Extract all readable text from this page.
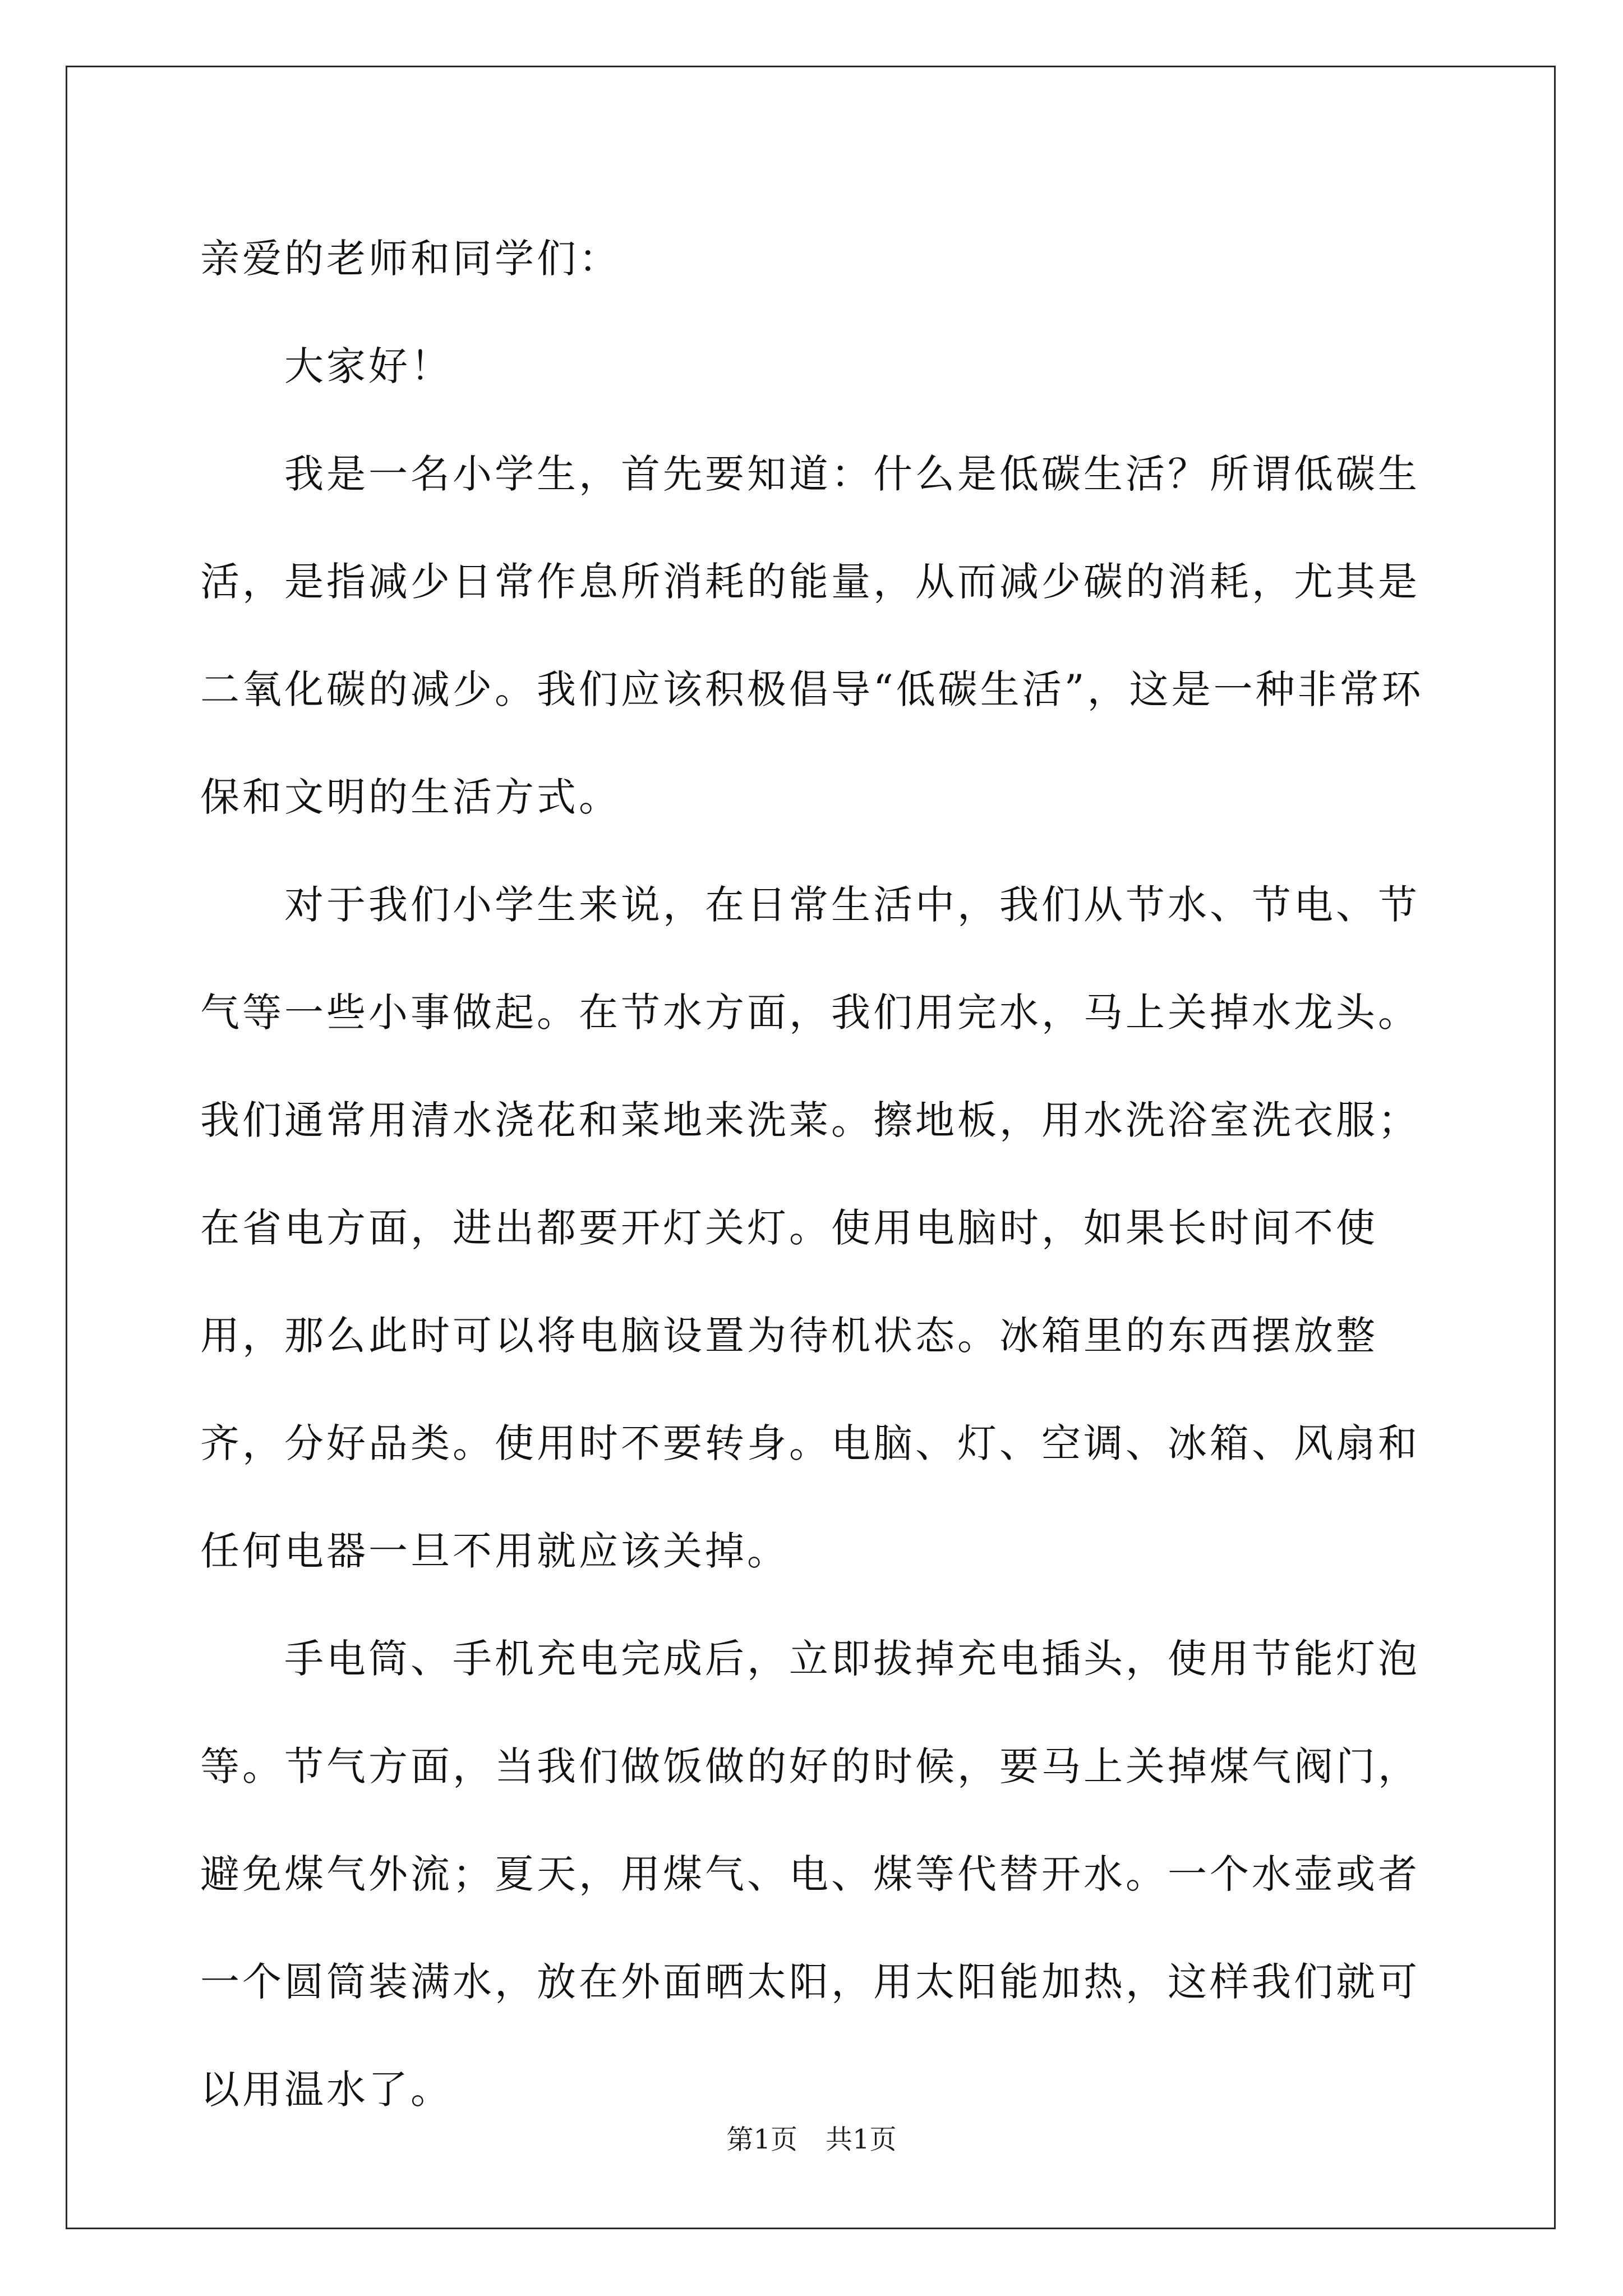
亲爱的老师和同学们：

大家好！

我是一名小学生，首先要知道：什么是低碳生活？所谓低碳生活，是指减少日常作息所消耗的能量，从而减少碳的消耗，尤其是二氧化碳的减少。我们应该积极倡导“低碳生活”，这是一种非常环保和文明的生活方式。

对于我们小学生来说，在日常生活中，我们从节水、节电、节气等一些小事做起。在节水方面，我们用完水，马上关掉水龙头。我们通常用清水浇花和菜地来洗菜。擦地板，用水洗浴室洗衣服；在省电方面，进出都要开灯关灯。使用电脑时，如果长时间不使用，那么此时可以将电脑设置为待机状态。冰箱里的东西摆放整齐，分好品类。使用时不要转身。电脑、灯、空调、冰箱、风扇和任何电器一旦不用就应该关掉。

手电筒、手机充电完成后，立即拔掉充电插头，使用节能灯泡等。节气方面，当我们做饭做的好的时候，要马上关掉煤气阀门，避免煤气外流；夏天，用煤气、电、煤等代替开水。一个水壶或者一个圆筒装满水，放在外面晒太阳，用太阳能加热，这样我们就可以用温水了。

第1页 共1页
